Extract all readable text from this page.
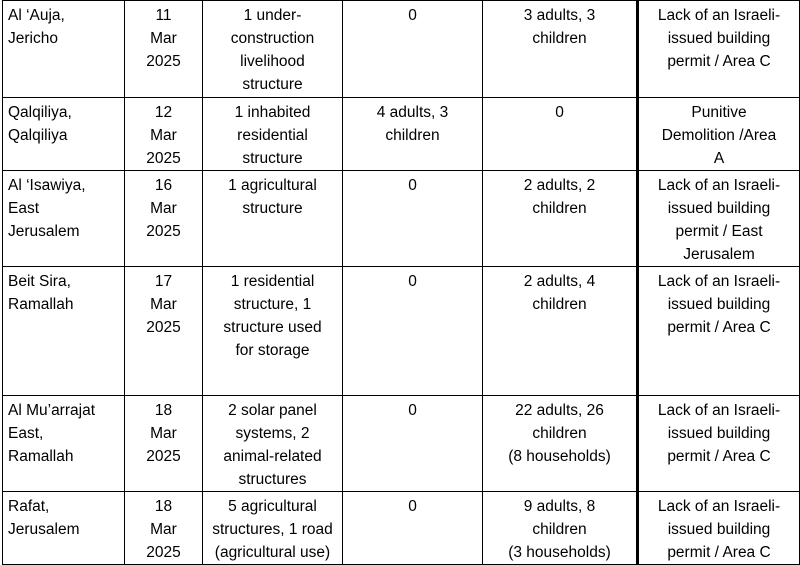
Al ‘Auja,
Jericho	11
Mar
2025	1 under-
construction
livelihood
structure	0	3 adults, 3
children	Lack of an Israeli-
issued building
permit / Area C

Qalqiliya,
Qalqiliya	12
Mar
2025	1 inhabited
residential
structure	4 adults, 3
children	0	Punitive
Demolition /Area
A

Al ‘Isawiya,
East
Jerusalem	16
Mar
2025	1 agricultural
structure	0	2 adults, 2
children	Lack of an Israeli-
issued building
permit / East
Jerusalem

Beit Sira,
Ramallah	17
Mar
2025	1 residential
structure, 1
structure used
for storage	0	2 adults, 4
children	Lack of an Israeli-
issued building
permit / Area C

Al Mu’arrajat
East,
Ramallah	18
Mar
2025	2 solar panel
systems, 2
animal-related
structures	0	22 adults, 26
children
(8 households)	Lack of an Israeli-
issued building
permit / Area C

Rafat,
Jerusalem	18
Mar
2025	5 agricultural
structures, 1 road
(agricultural use)	0	9 adults, 8
children
(3 households)	Lack of an Israeli-
issued building
permit / Area C
